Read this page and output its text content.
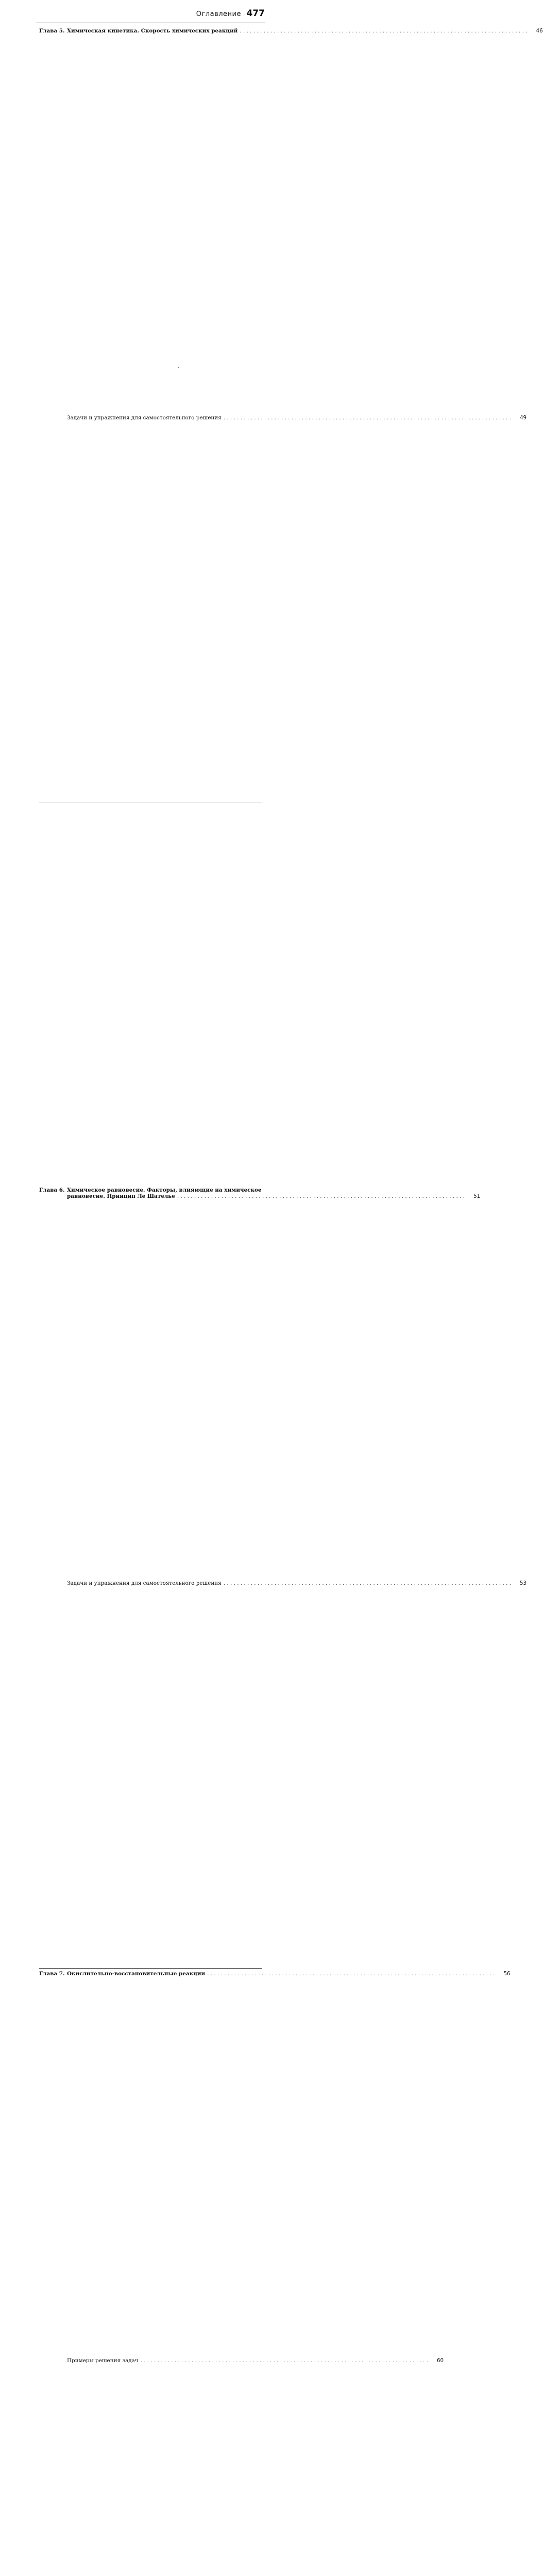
Оглавление 477
Глава 5. Химическая кинетика. Скорость химических реакций . . .	46
Задачи и упражнения для самостоятельного решения . . .	49
Глава 6. Химическое равновесие. Факторы, влияющие на химическое
равновесие. Принцип Ле Шателье . . .	51
Задачи и упражнения для самостоятельного решения . . .	53
Глава 7. Окислительно-восстановительные реакции . . .	56
Примеры решения задач . . .	60
